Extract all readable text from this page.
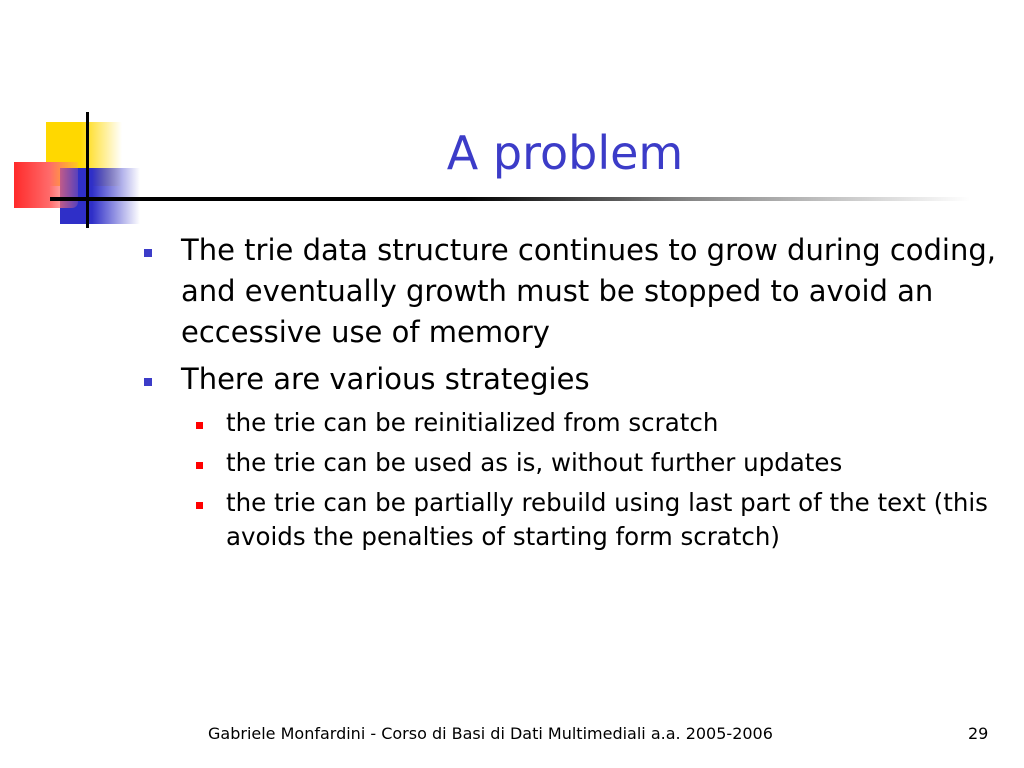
A problem
The trie data structure continues to grow during coding, and eventually growth must be stopped to avoid an eccessive use of memory
There are various strategies
the trie can be reinitialized from scratch
the trie can be used as is, without further updates
the trie can be partially rebuild using last part of the text (this avoids the penalties of starting form scratch)
Gabriele Monfardini - Corso di Basi di Dati Multimediali a.a. 2005-2006	29
